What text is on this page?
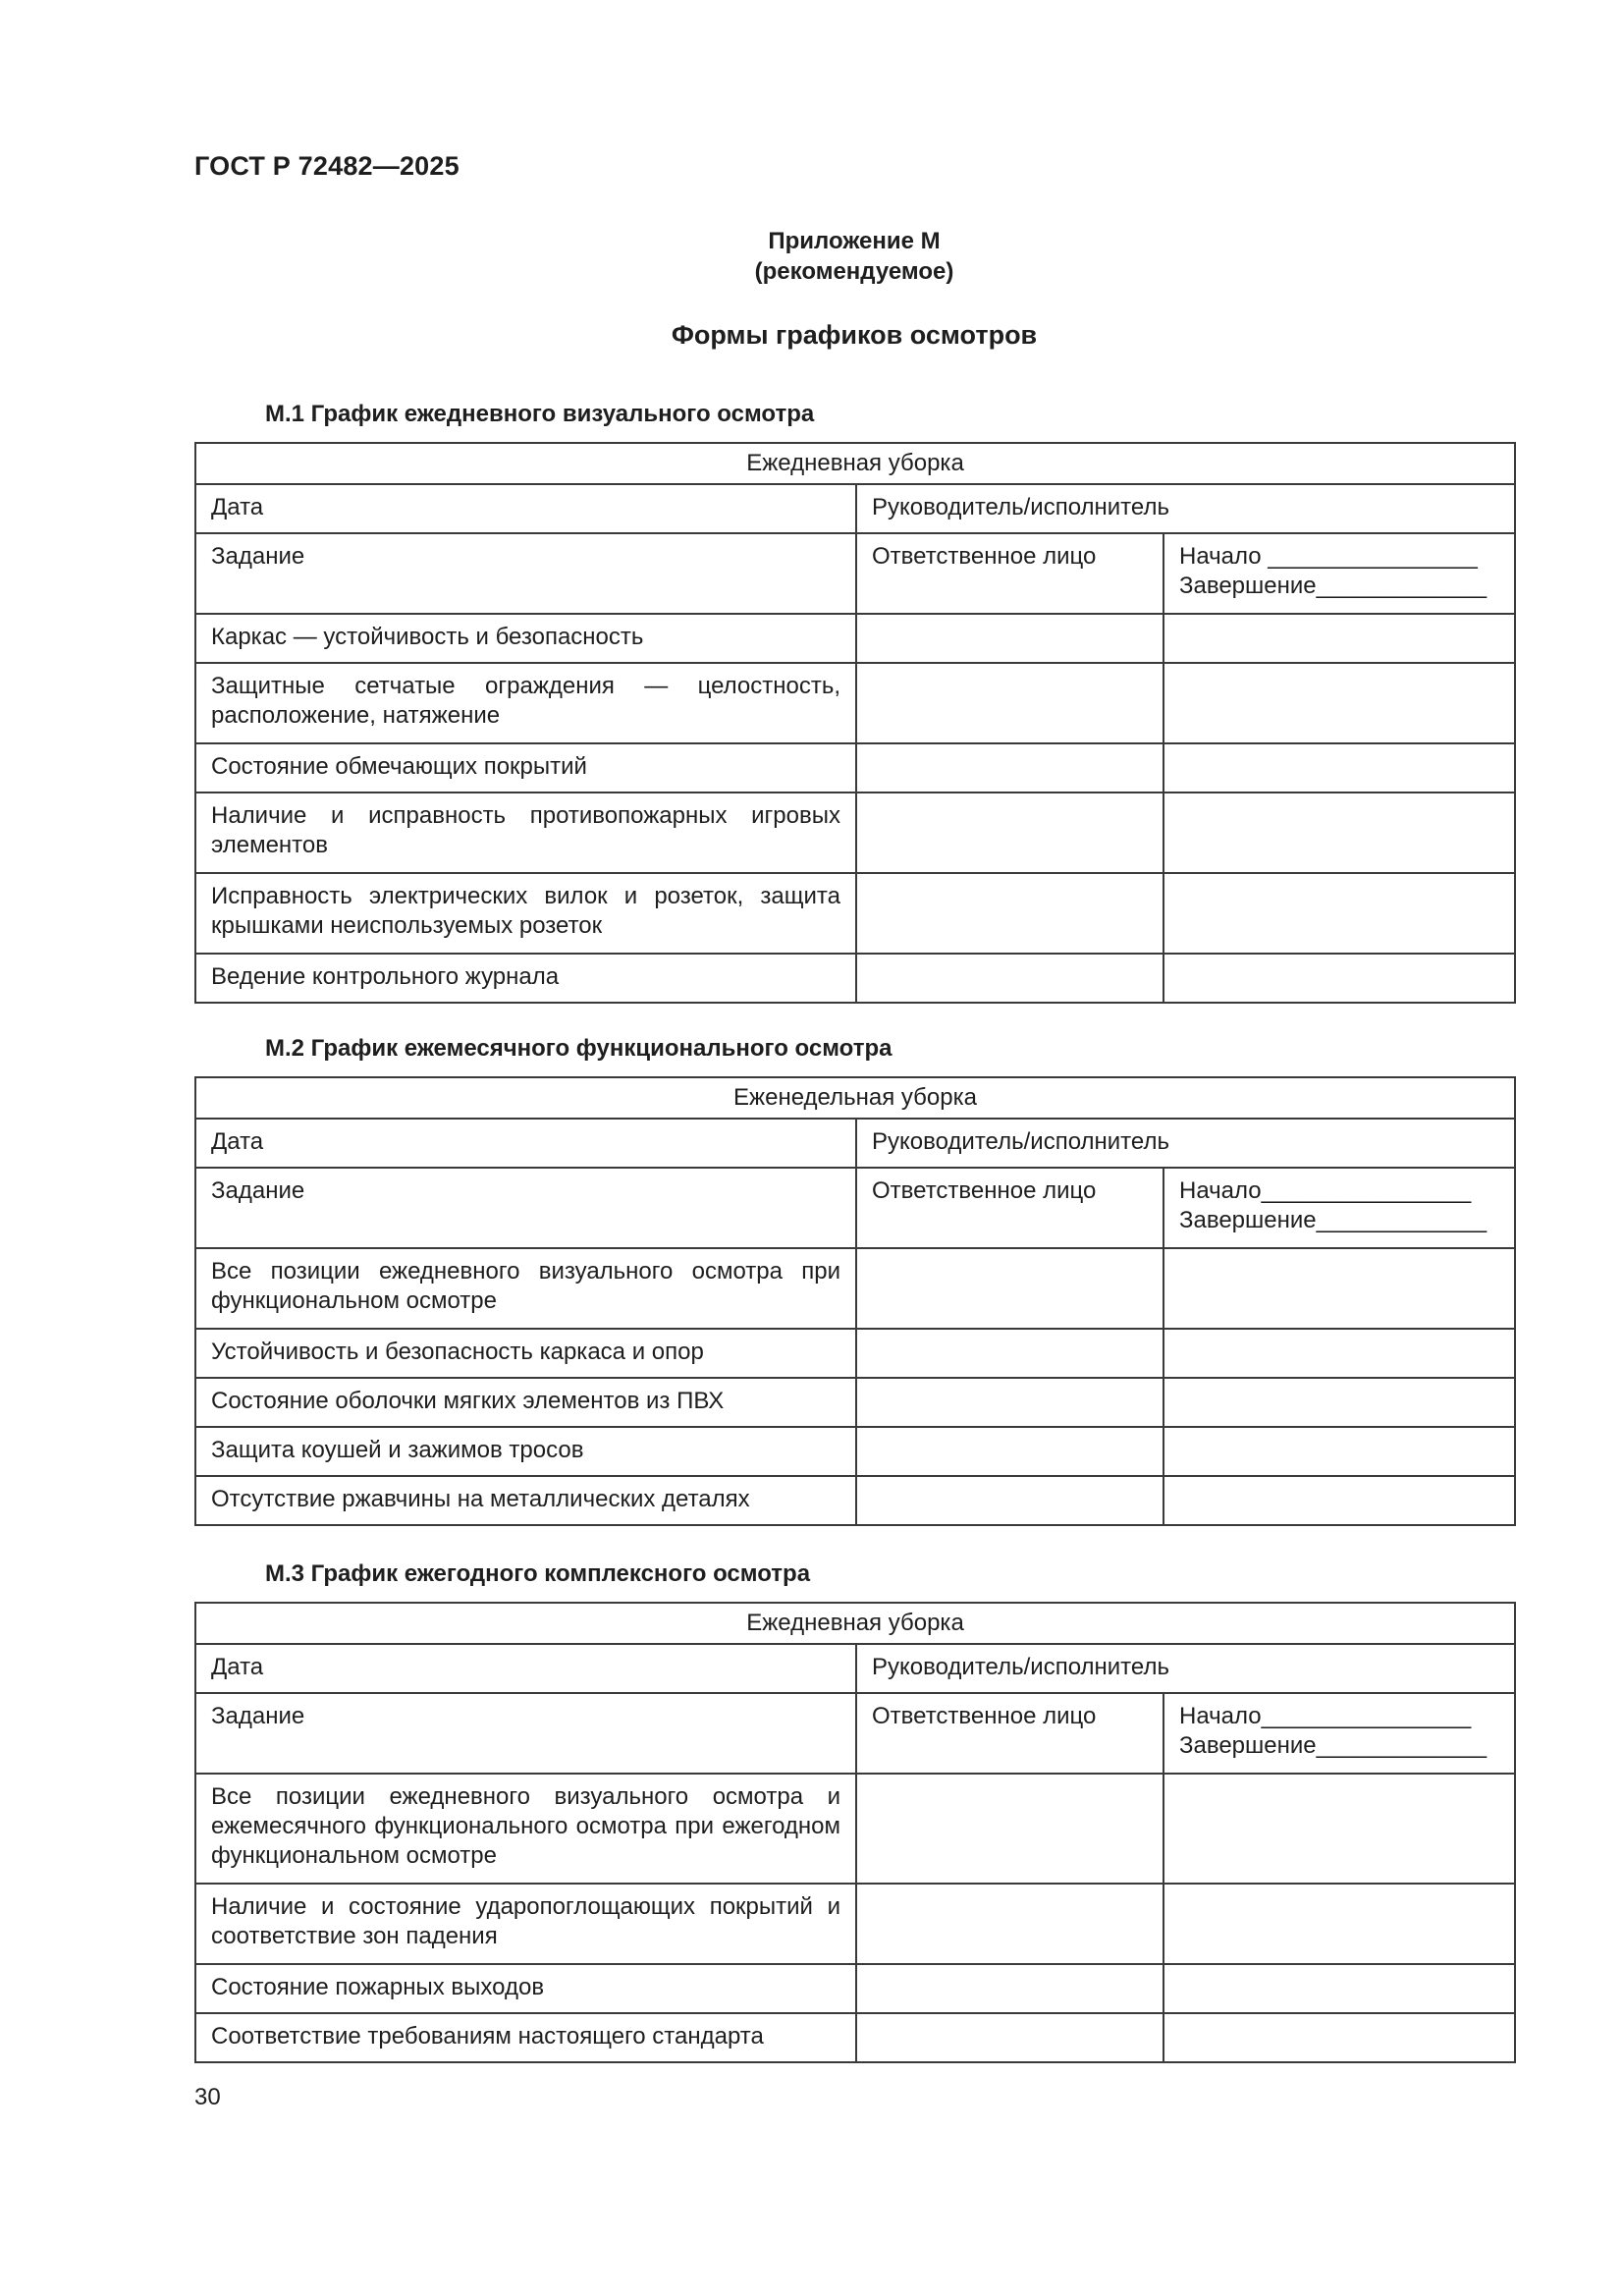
ГОСТ Р 72482—2025
Приложение М
(рекомендуемое)
Формы графиков осмотров
М.1 График ежедневного визуального осмотра
Ежедневная уборка		
Дата	Руководитель/исполнитель	
Задание	Ответственное лицо	Начало ________________
Завершение_____________

Каркас — устойчивость и безопасность		
Защитные сетчатые ограждения — целостность, расположение, натяжение		
Состояние обмечающих покрытий		
Наличие и исправность противопожарных игровых элементов		
Исправность электрических вилок и розеток, защита крышками неиспользуемых розеток		
Ведение контрольного журнала		
М.2 График ежемесячного функционального осмотра
Еженедельная уборка		
Дата	Руководитель/исполнитель	
Задание	Ответственное лицо	Начало________________
Завершение_____________

Все позиции ежедневного визуального осмотра при функциональном осмотре		
Устойчивость и безопасность каркаса и опор		
Состояние оболочки мягких элементов из ПВХ		
Защита коушей и зажимов тросов		
Отсутствие ржавчины на металлических деталях		
М.3 График ежегодного комплексного осмотра
Ежедневная уборка		
Дата	Руководитель/исполнитель	
Задание	Ответственное лицо	Начало________________
Завершение_____________

Все позиции ежедневного визуального осмотра и ежемесячного функционального осмотра при ежегодном функциональном осмотре		
Наличие и состояние ударопоглощающих покрытий и соответствие зон падения		
Состояние пожарных выходов		
Соответствие требованиям настоящего стандарта		
30
